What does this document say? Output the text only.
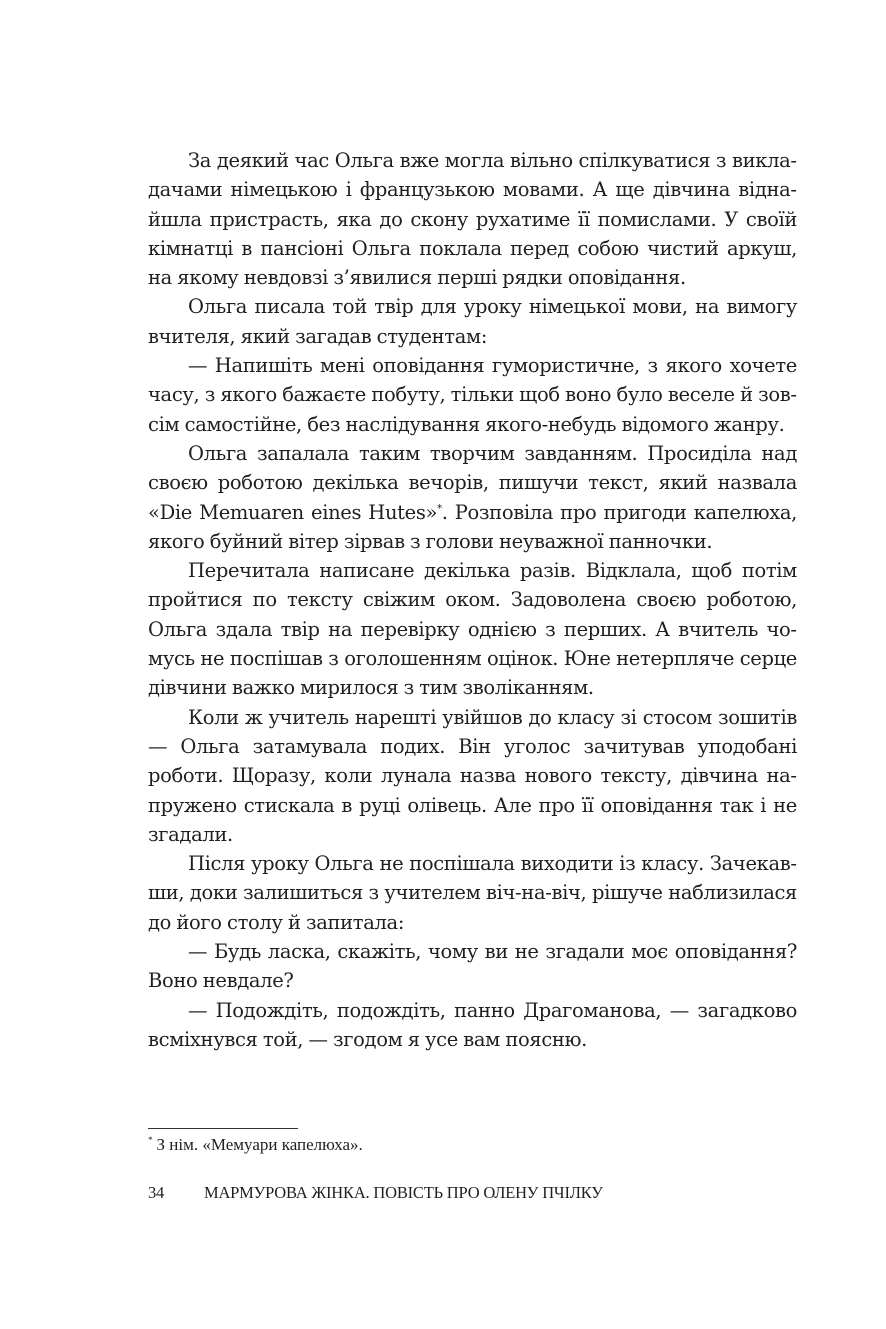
За деякий час Ольга вже могла вільно спілкуватися з викладачами німецькою і французькою мовами. А ще дівчина віднайшла пристрасть, яка до скону рухатиме її помислами. У своїй кімнатці в пансіоні Ольга поклала перед собою чистий аркуш, на якому невдовзі з’явилися перші рядки оповідання.

Ольга писала той твір для уроку німецької мови, на вимогу вчителя, який загадав студентам:

— Напишіть мені оповідання гумористичне, з якого хочете часу, з якого бажаєте побуту, тільки щоб воно було веселе й зовсім самостійне, без наслідування якого-небудь відомого жанру.

Ольга запалала таким творчим завданням. Просиділа над своєю роботою декілька вечорів, пишучи текст, який назвала «Die Memuaren eines Hutes»*. Розповіла про пригоди капелюха, якого буйний вітер зірвав з голови неуважної панночки.

Перечитала написане декілька разів. Відклала, щоб потім пройтися по тексту свіжим оком. Задоволена своєю роботою, Ольга здала твір на перевірку однією з перших. А вчитель чомусь не поспішав з оголошенням оцінок. Юне нетерпляче серце дівчини важко мирилося з тим зволіканням.

Коли ж учитель нарешті увійшов до класу зі стосом зошитів — Ольга затамувала подих. Він уголос зачитував уподобані роботи. Щоразу, коли лунала назва нового тексту, дівчина напружено стискала в руці олівець. Але про її оповідання так і не згадали.

Після уроку Ольга не поспішала виходити із класу. Зачекавши, доки залишиться з учителем віч-на-віч, рішуче наблизилася до його столу й запитала:

— Будь ласка, скажіть, чому ви не згадали моє оповідання? Воно невдале?

— Подождіть, подождіть, панно Драгоманова, — загадково всміхнувся той, — згодом я усе вам поясню.

* З нім. «Мемуари капелюха».
34 МАРМУРОВА ЖІНКА. ПОВІСТЬ ПРО ОЛЕНУ ПЧІЛКУ
